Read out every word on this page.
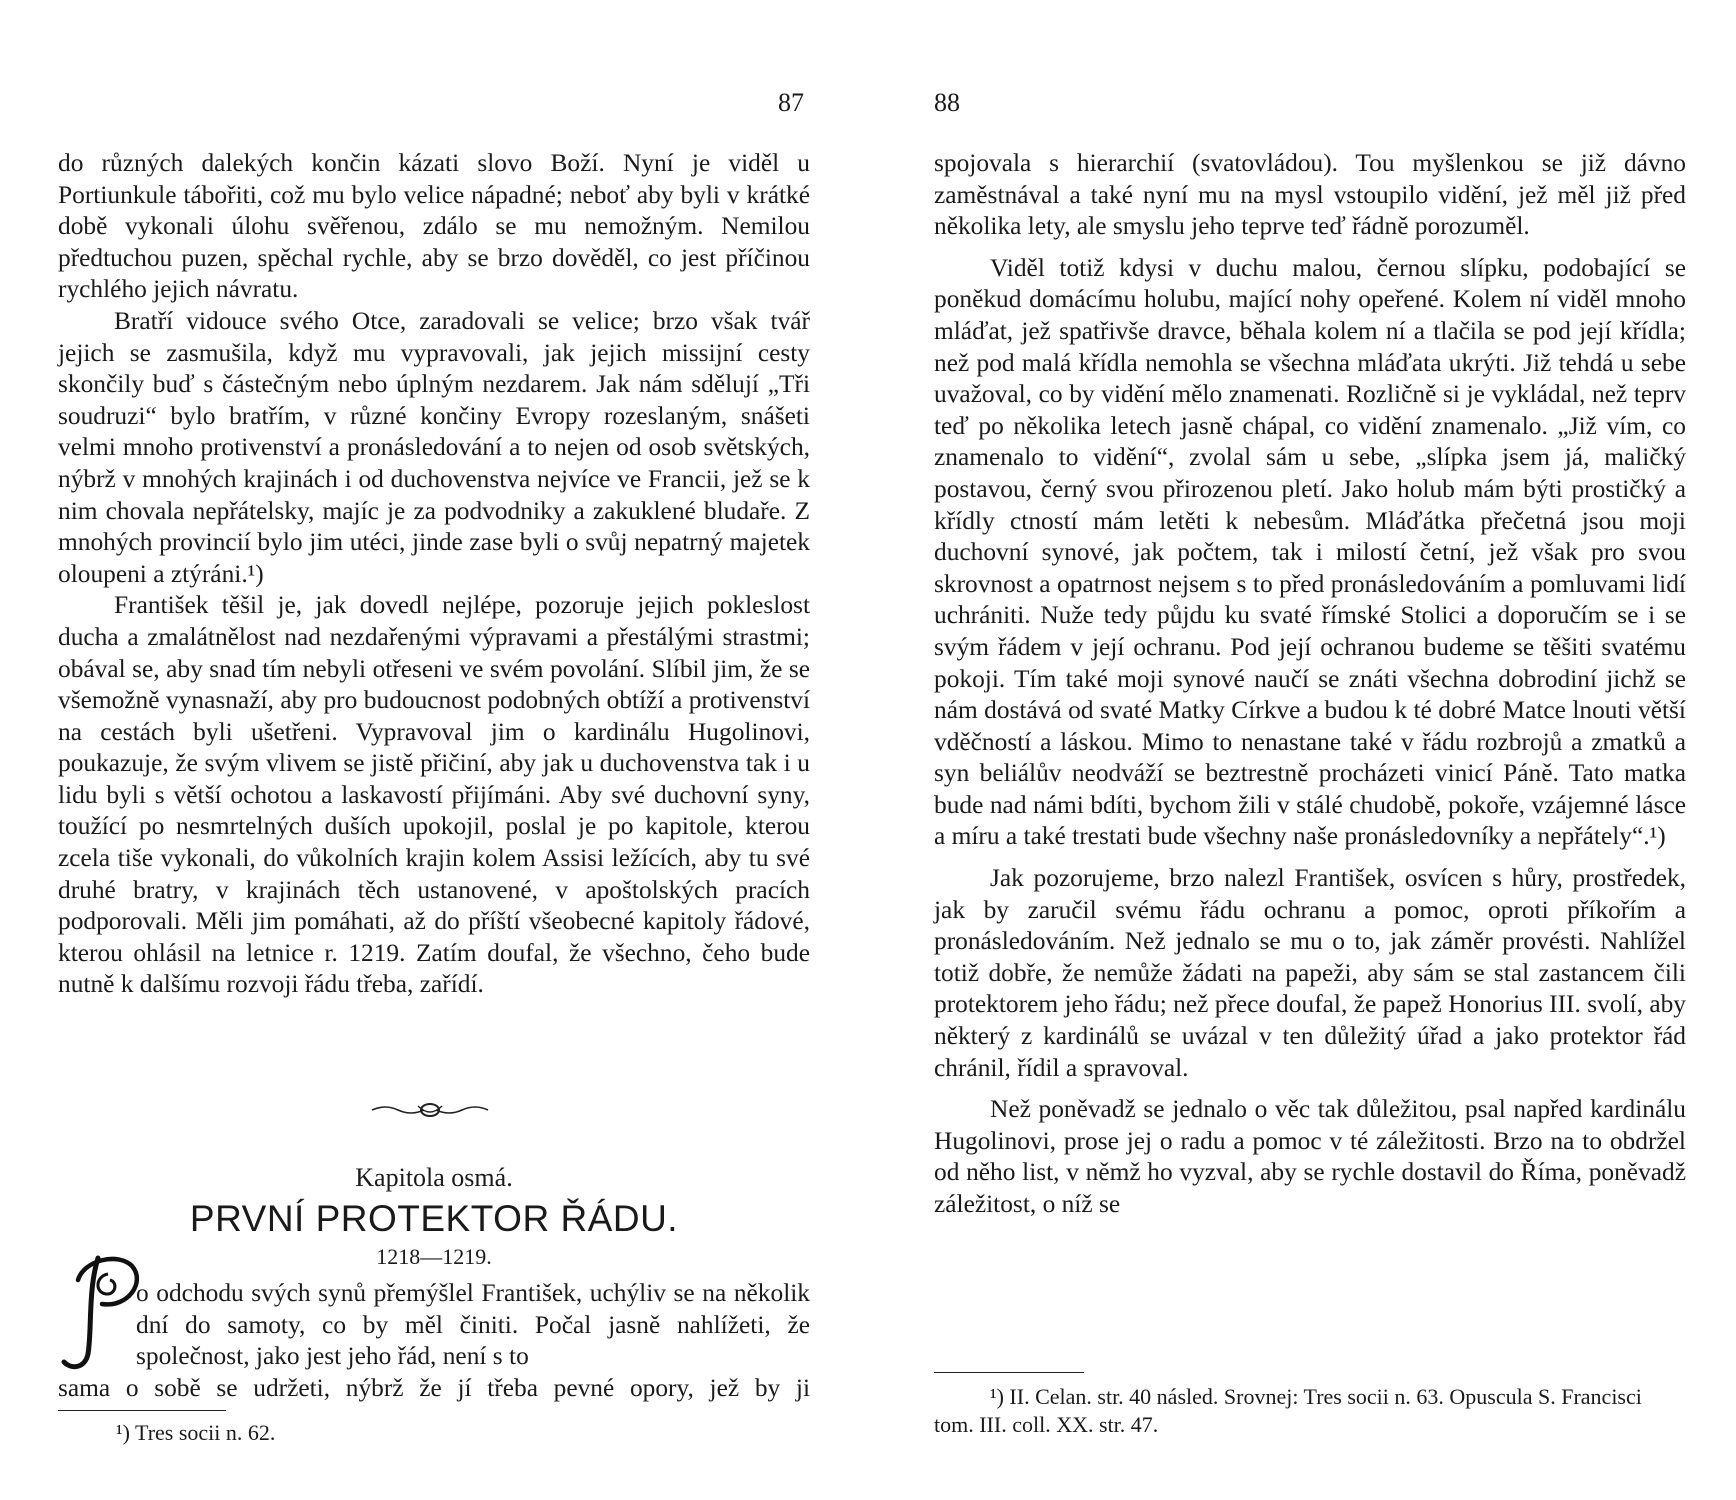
87

do různých dalekých končin kázati slovo Boží. Nyní je viděl u Portiunkule tábořiti, což mu bylo velice nápadné; neboť aby byli v krátké době vykonali úlohu svěřenou, zdálo se mu nemožným. Nemilou předtuchou puzen, spěchal rychle, aby se brzo dověděl, co jest příčinou rychlého jejich návratu.

Bratří vidouce svého Otce, zaradovali se velice; brzo však tvář jejich se zasmušila, když mu vypravovali, jak jejich missijní cesty skončily buď s částečným nebo úplným nezdarem. Jak nám sdělují „Tři soudruzi“ bylo bratřím, v různé končiny Evropy rozeslaným, snášeti velmi mnoho protivenství a pronásledování a to nejen od osob světských, nýbrž v mnohých krajinách i od duchovenstva nejvíce ve Francii, jež se k nim chovala nepřátelsky, majíc je za podvodniky a zakuklené bludaře. Z mnohých provincií bylo jim utéci, jinde zase byli o svůj nepatrný majetek oloupeni a ztýráni.¹)

František těšil je, jak dovedl nejlépe, pozoruje jejich pokleslost ducha a zmalátnělost nad nezdařenými výpravami a přestálými strastmi; obával se, aby snad tím nebyli otřeseni ve svém povolání. Slíbil jim, že se všemožně vynasnaží, aby pro budoucnost podobných obtíží a protivenství na cestách byli ušetřeni. Vypravoval jim o kardinálu Hugolinovi, poukazuje, že svým vlivem se jistě přičiní, aby jak u duchovenstva tak i u lidu byli s větší ochotou a laskavostí přijímáni. Aby své duchovní syny, toužící po nesmrtelných duších upokojil, poslal je po kapitole, kterou zcela tiše vykonali, do vůkolních krajin kolem Assisi ležících, aby tu své druhé bratry, v krajinách těch ustanovené, v apoštolských pracích podporovali. Měli jim pomáhati, až do příští všeobecné kapitoly řádové, kterou ohlásil na letnice r. 1219. Zatím doufal, že všechno, čeho bude nutně k dalšímu rozvoji řádu třeba, zařídí.

Kapitola osmá.
PRVNÍ PROTEKTOR ŘÁDU.
1218—1219.
o odchodu svých synů přemýšlel František, uchýliv se na několik dní do samoty, co by měl činiti. Počal jasně nahlížeti, že společnost, jako jest jeho řád, není s to
sama o sobě se udržeti, nýbrž že jí třeba pevné opory, jež by ji
¹) Tres socii n. 62.
88

spojovala s hierarchií (svatovládou). Tou myšlenkou se již dávno zaměstnával a také nyní mu na mysl vstoupilo vidění, jež měl již před několika lety, ale smyslu jeho teprve teď řádně porozuměl.

Viděl totiž kdysi v duchu malou, černou slípku, podobající se poněkud domácímu holubu, mající nohy opeřené. Kolem ní viděl mnoho mláďat, jež spatřivše dravce, běhala kolem ní a tlačila se pod její křídla; než pod malá křídla nemohla se všechna mláďata ukrýti. Již tehdá u sebe uvažoval, co by vidění mělo znamenati. Rozličně si je vykládal, než teprv teď po několika letech jasně chápal, co vidění znamenalo. „Již vím, co znamenalo to vidění“, zvolal sám u sebe, „slípka jsem já, maličký postavou, černý svou přirozenou pletí. Jako holub mám býti prostičký a křídly ctností mám letěti k nebesům. Mláďátka přečetná jsou moji duchovní synové, jak počtem, tak i milostí četní, jež však pro svou skrovnost a opatrnost nejsem s to před pronásledováním a pomluvami lidí uchrániti. Nuže tedy půjdu ku svaté římské Stolici a doporučím se i se svým řádem v její ochranu. Pod její ochranou budeme se těšiti svatému pokoji. Tím také moji synové naučí se znáti všechna dobrodiní jichž se nám dostává od svaté Matky Církve a budou k té dobré Matce lnouti větší vděčností a láskou. Mimo to nenastane také v řádu rozbrojů a zmatků a syn beliálův neodváží se beztrestně procházeti vinicí Páně. Tato matka bude nad námi bdíti, bychom žili v stálé chudobě, pokoře, vzájemné lásce a míru a také trestati bude všechny naše pronásledovníky a nepřátely“.¹)

Jak pozorujeme, brzo nalezl František, osvícen s hůry, prostředek, jak by zaručil svému řádu ochranu a pomoc, oproti příkořím a pronásledováním. Než jednalo se mu o to, jak záměr provésti. Nahlížel totiž dobře, že nemůže žádati na papeži, aby sám se stal zastancem čili protektorem jeho řádu; než přece doufal, že papež Honorius III. svolí, aby některý z kardinálů se uvázal v ten důležitý úřad a jako protektor řád chránil, řídil a spravoval.

Než poněvadž se jednalo o věc tak důležitou, psal napřed kardinálu Hugolinovi, prose jej o radu a pomoc v té záležitosti. Brzo na to obdržel od něho list, v němž ho vyzval, aby se rychle dostavil do Říma, poněvadž záležitost, o níž se

¹) II. Celan. str. 40 násled. Srovnej: Tres socii n. 63. Opuscula S. Francisci tom. III. coll. XX. str. 47.
